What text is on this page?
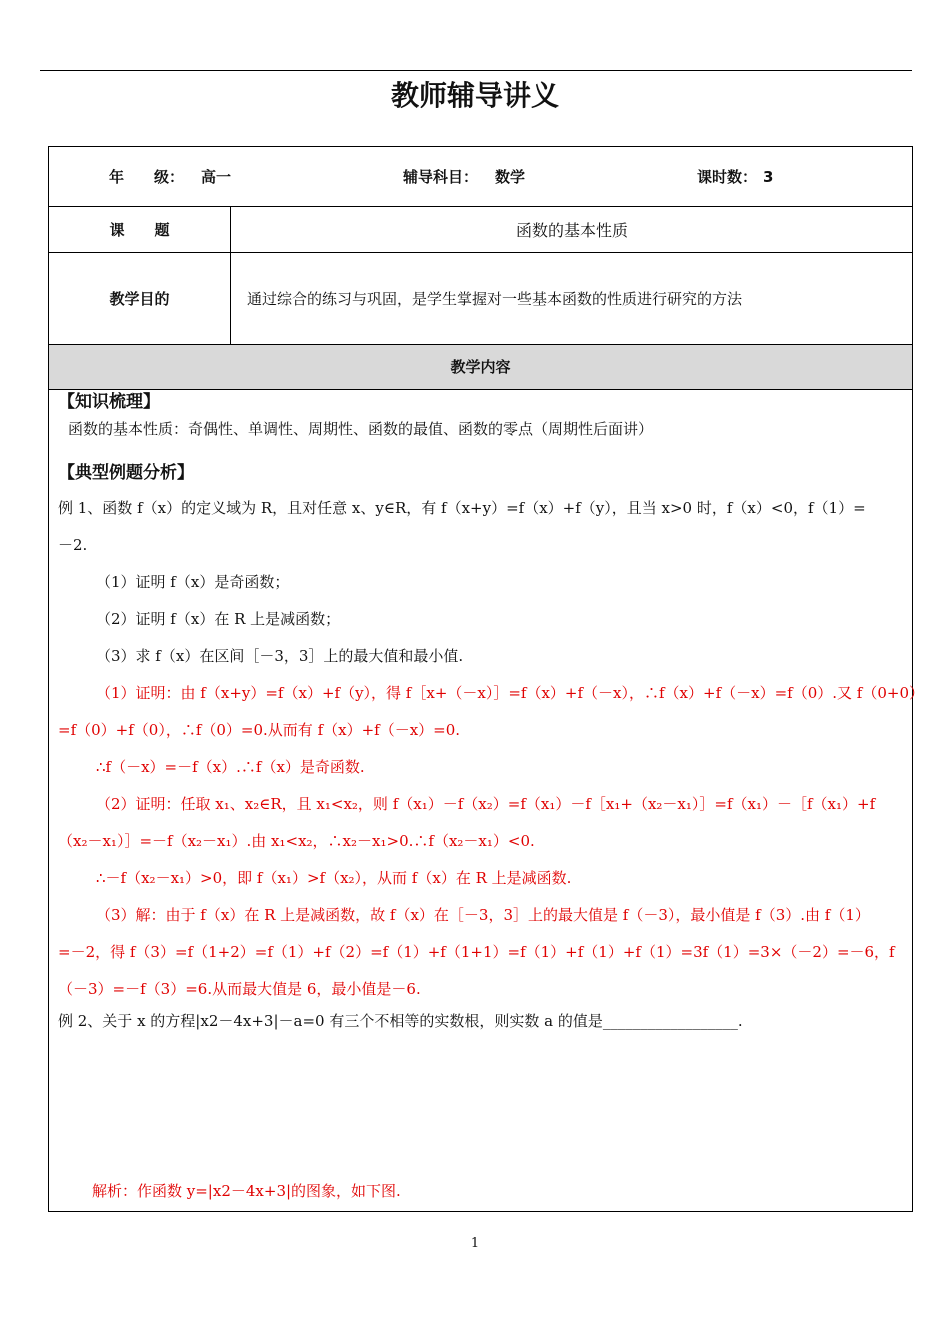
教师辅导讲义
年　　级： 高一	辅导科目： 数学	课时数： 3
课　　题	函数的基本性质
教学目的	通过综合的练习与巩固，是学生掌握对一些基本函数的性质进行研究的方法
教学内容

【知识梳理】

函数的基本性质：奇偶性、单调性、周期性、函数的最值、函数的零点（周期性后面讲）

【典型例题分析】

例 1、函数 f（x）的定义域为 R，且对任意 x、y∈R，有 f（x+y）=f（x）+f（y），且当 x>0 时，f（x）<0，f（1）=

－2.

（1）证明 f（x）是奇函数；

（2）证明 f（x）在 R 上是减函数；

（3）求 f（x）在区间［－3，3］上的最大值和最小值.

（1）证明：由 f（x+y）=f（x）+f（y），得 f［x+（－x）］=f（x）+f（－x），∴f（x）+f（－x）=f（0）.又 f（0+0）

=f（0）+f（0），∴f（0）=0.从而有 f（x）+f（－x）=0.

∴f（－x）=－f（x）.∴f（x）是奇函数.

（2）证明：任取 x₁、x₂∈R，且 x₁<x₂，则 f（x₁）－f（x₂）=f（x₁）－f［x₁+（x₂－x₁）］=f（x₁）－［f（x₁）+f

（x₂－x₁）］=－f（x₂－x₁）.由 x₁<x₂，∴x₂－x₁>0.∴f（x₂－x₁）<0.

∴－f（x₂－x₁）>0，即 f（x₁）>f（x₂），从而 f（x）在 R 上是减函数.

（3）解：由于 f（x）在 R 上是减函数，故 f（x）在［－3，3］上的最大值是 f（－3），最小值是 f（3）.由 f（1）

=－2，得 f（3）=f（1+2）=f（1）+f（2）=f（1）+f（1+1）=f（1）+f（1）+f（1）=3f（1）=3×（－2）=－6，f

（－3）=－f（3）=6.从而最大值是 6，最小值是－6.

例 2、关于 x 的方程|x2－4x+3|－a=0 有三个不相等的实数根，则实数 a 的值是__________________.

解析：作函数 y=|x2－4x+3|的图象，如下图.

1
